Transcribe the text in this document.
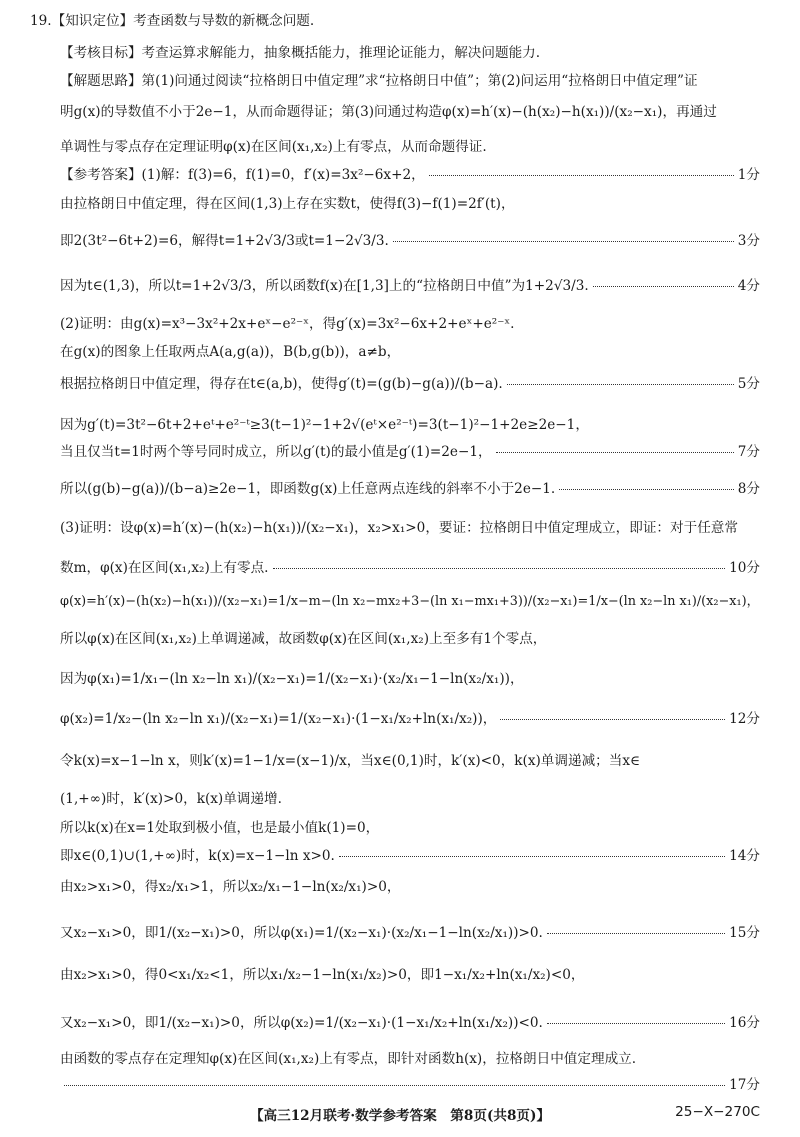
19.【知识定位】考查函数与导数的新概念问题.
【考核目标】考查运算求解能力，抽象概括能力，推理论证能力，解决问题能力.
【解题思路】第(1)问通过阅读“拉格朗日中值定理”求“拉格朗日中值”；第(2)问运用“拉格朗日中值定理”证
明g(x)的导数值不小于2e−1，从而命题得证；第(3)问通过构造φ(x)=h′(x)−(h(x₂)−h(x₁))/(x₂−x₁)，再通过
单调性与零点存在定理证明φ(x)在区间(x₁,x₂)上有零点，从而命题得证.
【参考答案】(1)解：f(3)=6，f(1)=0，f′(x)=3x²−6x+2，	1分
由拉格朗日中值定理，得在区间(1,3)上存在实数t，使得f(3)−f(1)=2f′(t)，
即2(3t²−6t+2)=6，解得t=1+2√3/3或t=1−2√3/3.	3分
因为t∈(1,3)，所以t=1+2√3/3，所以函数f(x)在[1,3]上的“拉格朗日中值”为1+2√3/3.	4分
(2)证明：由g(x)=x³−3x²+2x+eˣ−e²⁻ˣ，得g′(x)=3x²−6x+2+eˣ+e²⁻ˣ.
在g(x)的图象上任取两点A(a,g(a))，B(b,g(b))，a≠b，
根据拉格朗日中值定理，得存在t∈(a,b)，使得g′(t)=(g(b)−g(a))/(b−a).	5分
因为g′(t)=3t²−6t+2+eᵗ+e²⁻ᵗ≥3(t−1)²−1+2√(eᵗ×e²⁻ᵗ)=3(t−1)²−1+2e≥2e−1，
当且仅当t=1时两个等号同时成立，所以g′(t)的最小值是g′(1)=2e−1，	7分
所以(g(b)−g(a))/(b−a)≥2e−1，即函数g(x)上任意两点连线的斜率不小于2e−1.	8分
(3)证明：设φ(x)=h′(x)−(h(x₂)−h(x₁))/(x₂−x₁)，x₂>x₁>0，要证：拉格朗日中值定理成立，即证：对于任意常
数m，φ(x)在区间(x₁,x₂)上有零点.	10分
φ(x)=h′(x)−(h(x₂)−h(x₁))/(x₂−x₁)=1/x−m−(ln x₂−mx₂+3−(ln x₁−mx₁+3))/(x₂−x₁)=1/x−(ln x₂−ln x₁)/(x₂−x₁)，
所以φ(x)在区间(x₁,x₂)上单调递减，故函数φ(x)在区间(x₁,x₂)上至多有1个零点，
因为φ(x₁)=1/x₁−(ln x₂−ln x₁)/(x₂−x₁)=1/(x₂−x₁)·(x₂/x₁−1−ln(x₂/x₁))，
φ(x₂)=1/x₂−(ln x₂−ln x₁)/(x₂−x₁)=1/(x₂−x₁)·(1−x₁/x₂+ln(x₁/x₂))，	12分
令k(x)=x−1−ln x，则k′(x)=1−1/x=(x−1)/x，当x∈(0,1)时，k′(x)<0，k(x)单调递减；当x∈
(1,+∞)时，k′(x)>0，k(x)单调递增.
所以k(x)在x=1处取到极小值，也是最小值k(1)=0，
即x∈(0,1)∪(1,+∞)时，k(x)=x−1−ln x>0.	14分
由x₂>x₁>0，得x₂/x₁>1，所以x₂/x₁−1−ln(x₂/x₁)>0，
又x₂−x₁>0，即1/(x₂−x₁)>0，所以φ(x₁)=1/(x₂−x₁)·(x₂/x₁−1−ln(x₂/x₁))>0.	15分
由x₂>x₁>0，得0<x₁/x₂<1，所以x₁/x₂−1−ln(x₁/x₂)>0，即1−x₁/x₂+ln(x₁/x₂)<0，
又x₂−x₁>0，即1/(x₂−x₁)>0，所以φ(x₂)=1/(x₂−x₁)·(1−x₁/x₂+ln(x₁/x₂))<0.	16分
由函数的零点存在定理知φ(x)在区间(x₁,x₂)上有零点，即针对函数h(x)，拉格朗日中值定理成立.
17分
【高三12月联考·数学参考答案　第8页(共8页)】	25−X−270C
